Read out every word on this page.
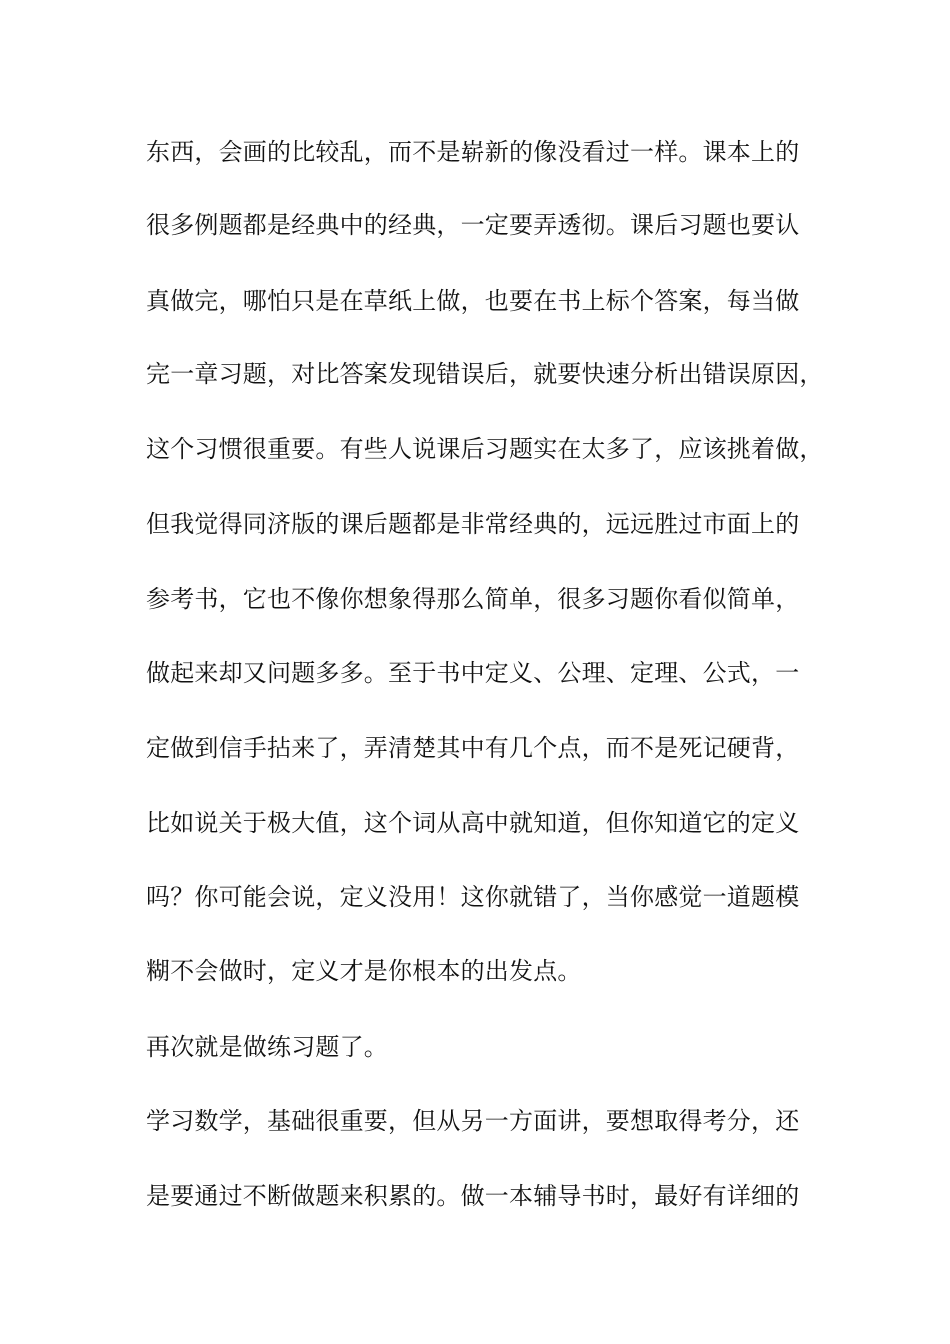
东西，会画的比较乱，而不是崭新的像没看过一样。课本上的
很多例题都是经典中的经典，一定要弄透彻。课后习题也要认
真做完，哪怕只是在草纸上做，也要在书上标个答案，每当做
完一章习题，对比答案发现错误后，就要快速分析出错误原因，
这个习惯很重要。有些人说课后习题实在太多了，应该挑着做，
但我觉得同济版的课后题都是非常经典的，远远胜过市面上的
参考书，它也不像你想象得那么简单，很多习题你看似简单，
做起来却又问题多多。至于书中定义、公理、定理、公式，一
定做到信手拈来了，弄清楚其中有几个点，而不是死记硬背，
比如说关于极大值，这个词从高中就知道，但你知道它的定义
吗？你可能会说，定义没用！这你就错了，当你感觉一道题模
糊不会做时，定义才是你根本的出发点。
再次就是做练习题了。
学习数学，基础很重要，但从另一方面讲，要想取得考分，还
是要通过不断做题来积累的。做一本辅导书时，最好有详细的
